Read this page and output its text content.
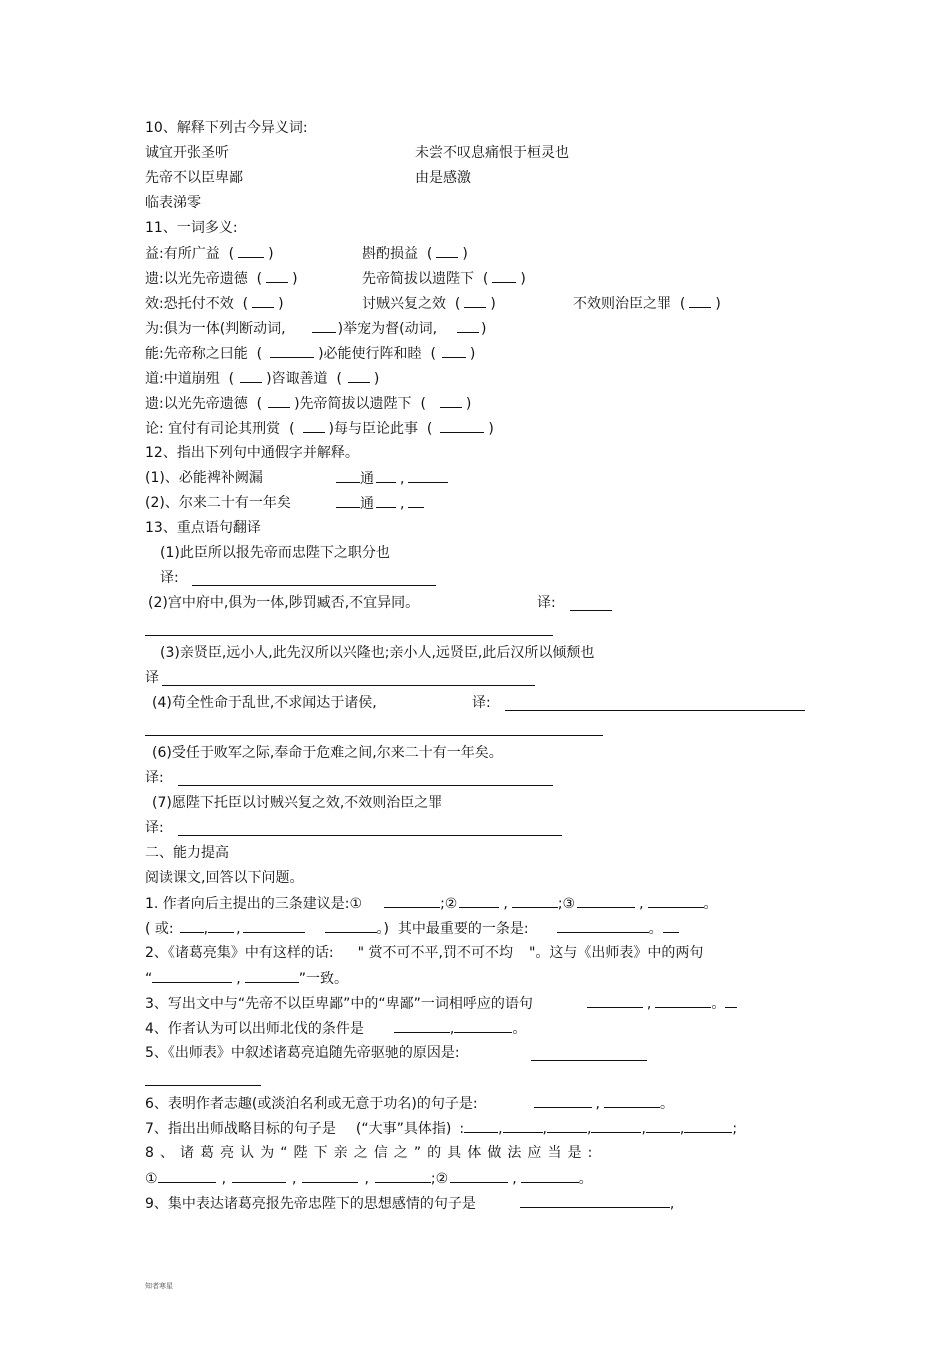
10、解释下列古今异义词:
诚宜开张圣听	未尝不叹息痛恨于桓灵也
先帝不以臣卑鄙	由是感激
临表涕零
11、一词多义:
益:有所广益  ( )	斟酌损益  ( )
遗:以光先帝遗德  ( )	先帝简拔以遗陛下  ( )
效:恐托付不效  ( )	讨贼兴复之效  ( )	不效则治臣之罪  ( )
为:俱为一体(判断动词,	)举宠为督(动词,	)
能:先帝称之曰能  (	)必能使行阵和睦  ( )
道:中道崩殂  ( )咨诹善道  ( )
遗:以光先帝遗德  ( )先帝简拔以遗陛下  (	)
论: 宜付有司论其刑赏  ( )每与臣论此事  (	)
12、指出下列句中通假字并解释。
(1)、必能裨补阙漏	通 ,
(2)、尔来二十有一年矣	通 ,
13、重点语句翻译
(1)此臣所以报先帝而忠陛下之职分也
译:
(2)宫中府中,俱为一体,陟罚臧否,不宜异同。	译:
(3)亲贤臣,远小人,此先汉所以兴隆也;亲小人,远贤臣,此后汉所以倾颓也
译
(4)苟全性命于乱世,不求闻达于诸侯,	译:
(6)受任于败军之际,奉命于危难之间,尔来二十有一年矣。
译:
(7)愿陛下托臣以讨贼兴复之效,不效则治臣之罪
译:
二、能力提高
阅读课文,回答以下问题。
1. 作者向后主提出的三条建议是:①	;②	,	;③	,	。
( 或: , ,	。)  其中最重要的一条是:	。
2、《诸葛亮集》中有这样的话: " 赏不可不平,罚不可不均 "。这与《出师表》中的两句
“	,	”一致。
3、写出文中与“先帝不以臣卑鄙”中的“卑鄙”一词相呼应的语句	,	。
4、作者认为可以出师北伐的条件是	,	。
5、《出师表》中叙述诸葛亮追随先帝驱驰的原因是:
6、表明作者志趣(或淡泊名利或无意于功名)的句子是:	,	。
7、指出出师战略目标的句子是 (“大事”具体指) : ,	,	,	, ,	;
8 、 诸 葛 亮 认 为 “ 陛 下 亲 之 信 之 ” 的 具 体 做 法 应 当 是 :
①	,	,	,	;②	,	。
9、集中表达诸葛亮报先帝忠陛下的思想感情的句子是	,
知者寒星
